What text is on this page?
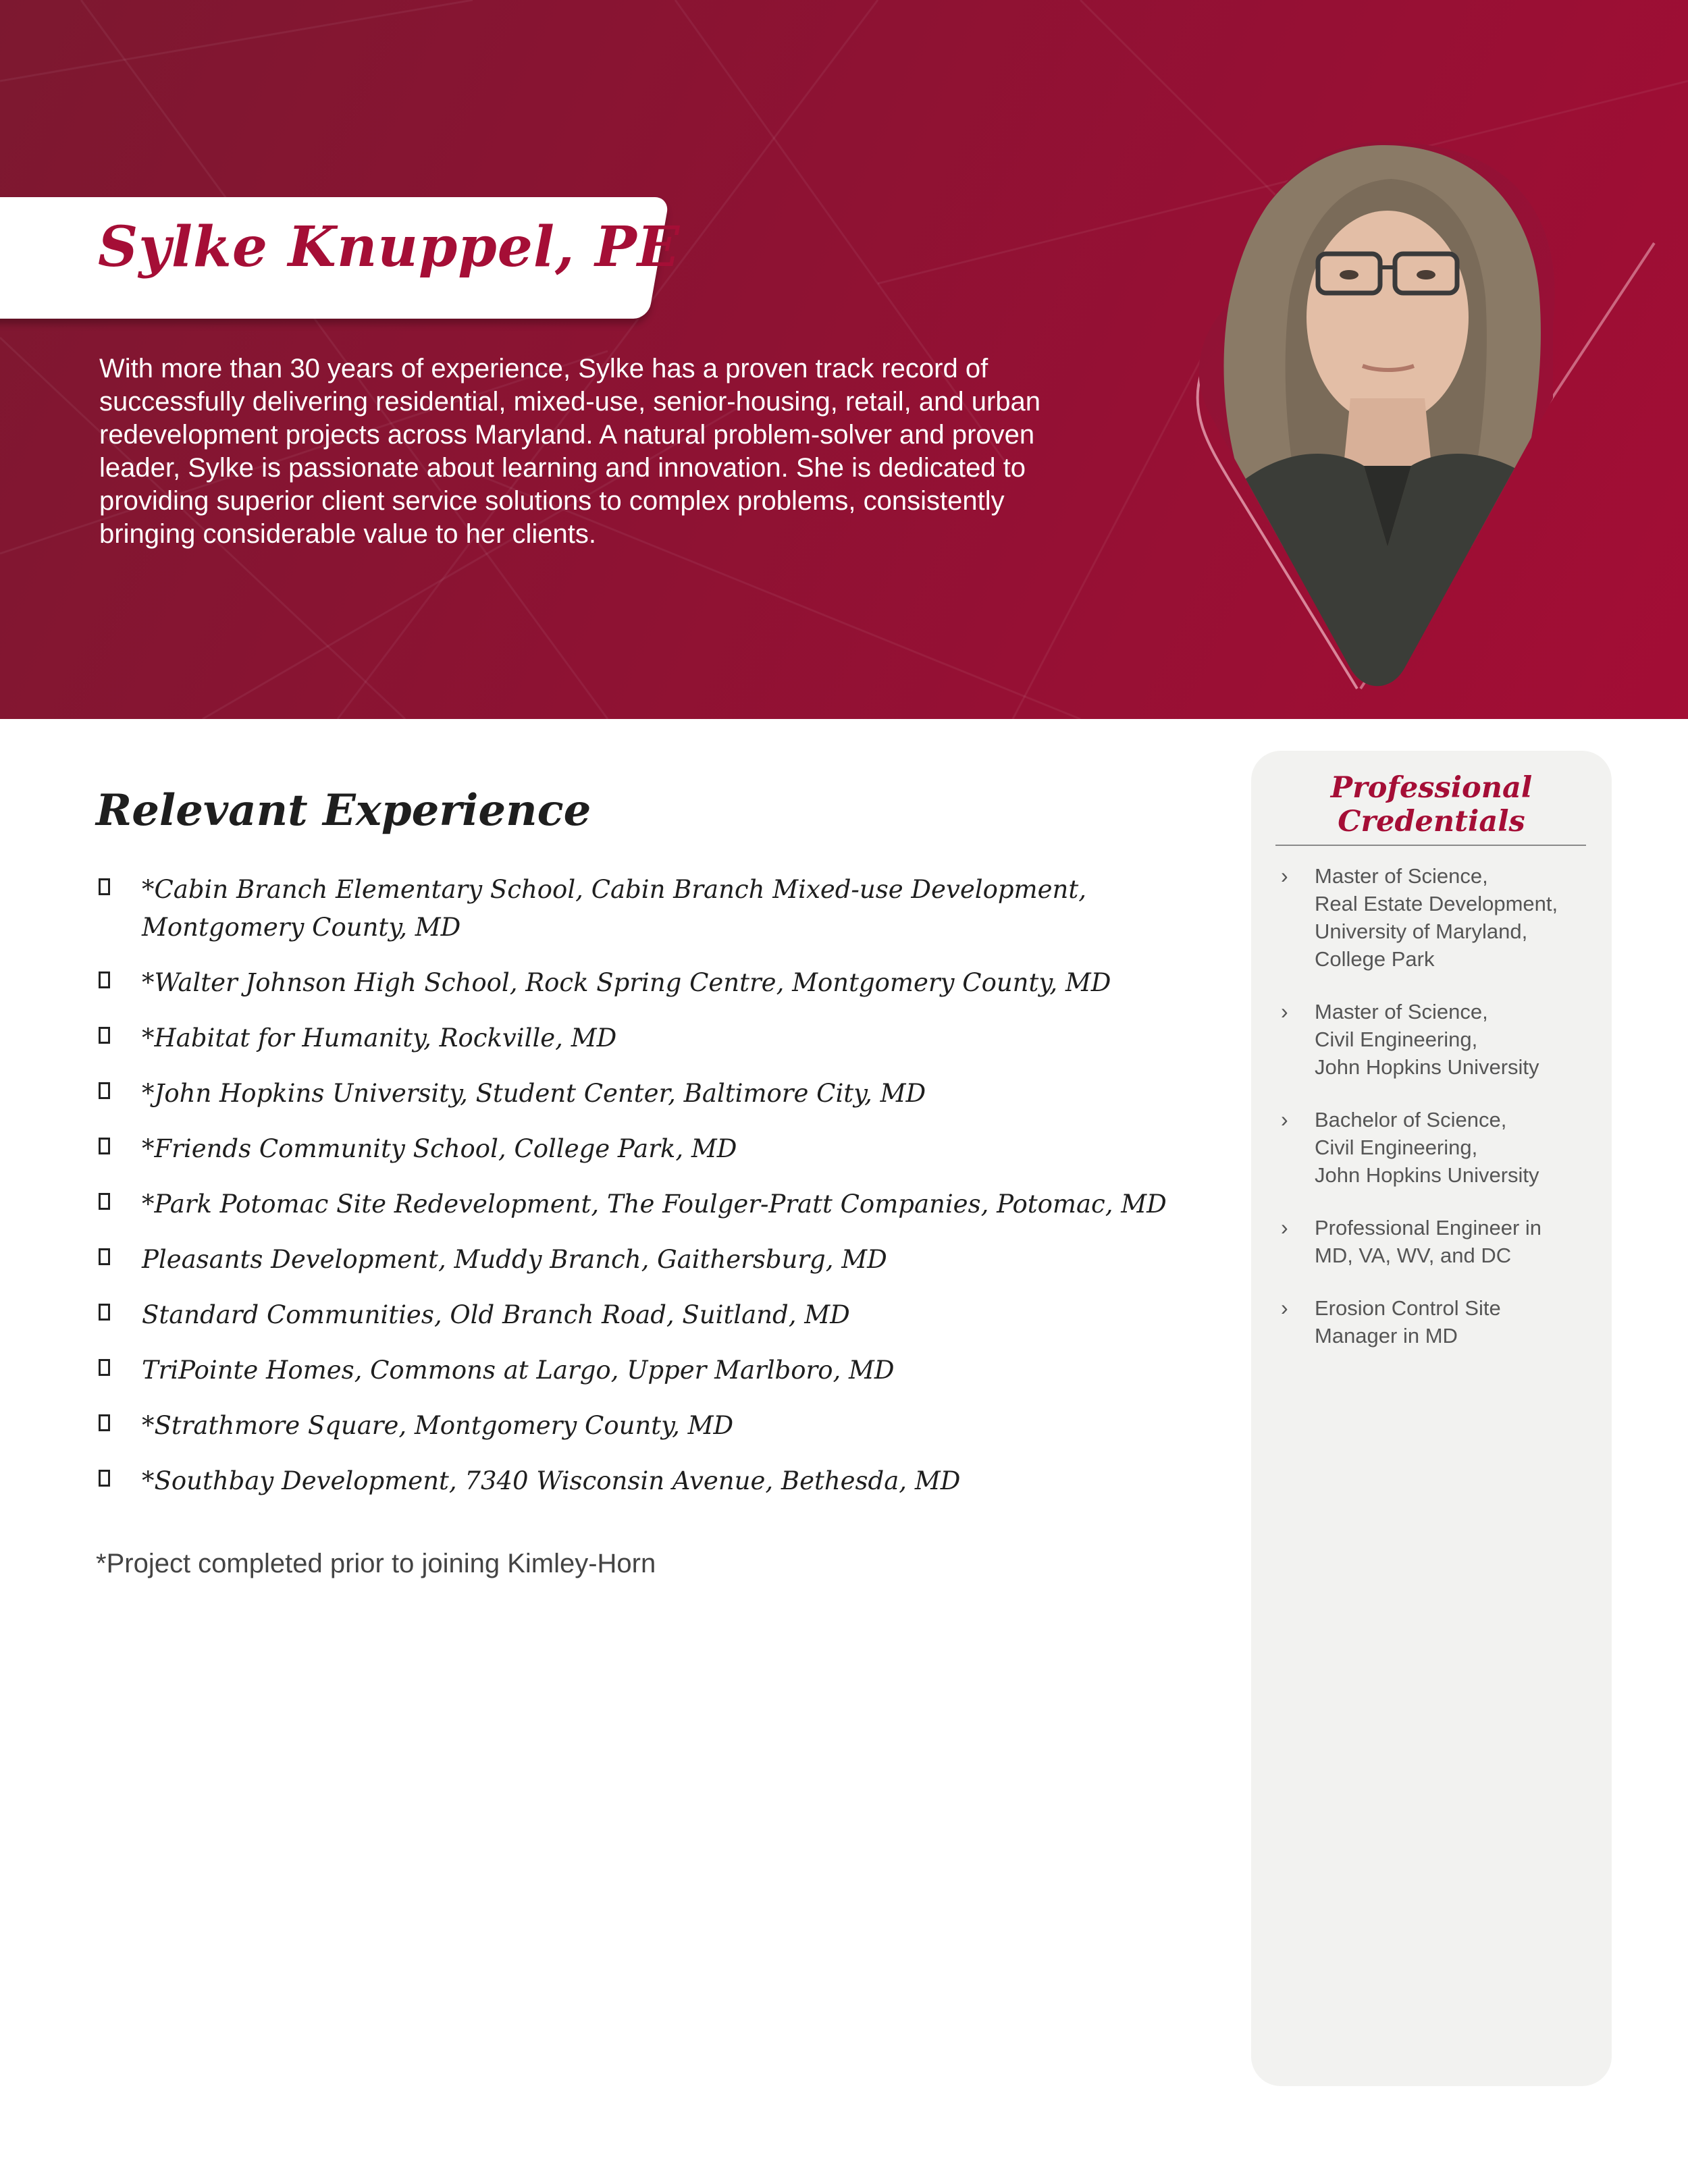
Sylke Knuppel, PE

With more than 30 years of experience, Sylke has a proven track record of successfully delivering residential, mixed-use, senior-housing, retail, and urban redevelopment projects across Maryland. A natural problem-solver and proven leader, Sylke is passionate about learning and innovation. She is dedicated to providing superior client service solutions to complex problems, consistently bringing considerable value to her clients.

Relevant Experience
*Cabin Branch Elementary School, Cabin Branch Mixed-use Development, Montgomery County, MD
*Walter Johnson High School, Rock Spring Centre, Montgomery County, MD
*Habitat for Humanity, Rockville, MD
*John Hopkins University, Student Center, Baltimore City, MD
*Friends Community School, College Park, MD
*Park Potomac Site Redevelopment, The Foulger-Pratt Companies, Potomac, MD
Pleasants Development, Muddy Branch, Gaithersburg, MD
Standard Communities, Old Branch Road, Suitland, MD
TriPointe Homes, Commons at Largo, Upper Marlboro, MD
*Strathmore Square, Montgomery County, MD
*Southbay Development, 7340 Wisconsin Avenue, Bethesda, MD

*Project completed prior to joining Kimley-Horn

Professional
Credentials
›	Master of Science,
Real Estate Development,
University of Maryland,
College Park
›	Master of Science,
Civil Engineering,
John Hopkins University
›	Bachelor of Science,
Civil Engineering,
John Hopkins University
›	Professional Engineer in
MD, VA, WV, and DC
›	Erosion Control Site
Manager in MD
